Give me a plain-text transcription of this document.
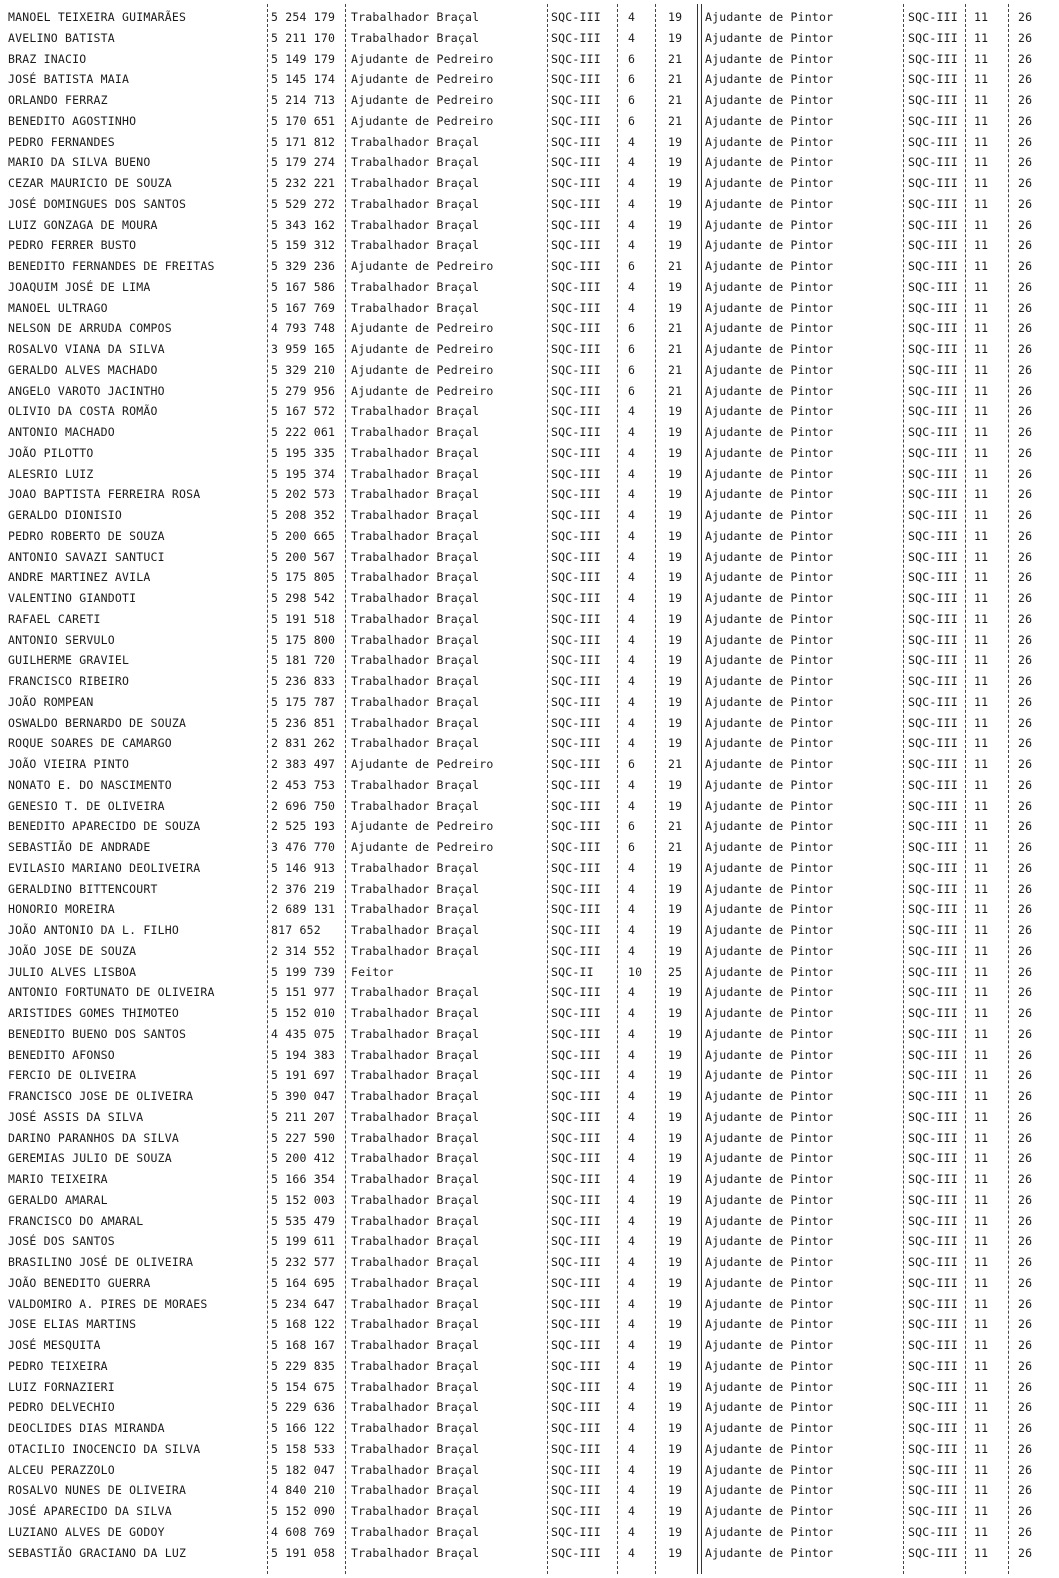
MANOEL TEIXEIRA GUIMARÃES	5 254 179 Trabalhador Braçal	SQC-III 4	19 Ajudante de Pintor	SQC-III 11	26
AVELINO BATISTA	5 211 170 Trabalhador Braçal	SQC-III 4	19 Ajudante de Pintor	SQC-III 11	26
BRAZ INACIO	5 149 179 Ajudante de Pedreiro	SQC-III 6	21 Ajudante de Pintor	SQC-III 11	26
JOSÉ BATISTA MAIA	5 145 174 Ajudante de Pedreiro	SQC-III 6	21 Ajudante de Pintor	SQC-III 11	26
ORLANDO FERRAZ	5 214 713 Ajudante de Pedreiro	SQC-III 6	21 Ajudante de Pintor	SQC-III 11	26
BENEDITO AGOSTINHO	5 170 651 Ajudante de Pedreiro	SQC-III 6	21 Ajudante de Pintor	SQC-III 11	26
PEDRO FERNANDES	5 171 812 Trabalhador Braçal	SQC-III 4	19 Ajudante de Pintor	SQC-III 11	26
MARIO DA SILVA BUENO	5 179 274 Trabalhador Braçal	SQC-III 4	19 Ajudante de Pintor	SQC-III 11	26
CEZAR MAURICIO DE SOUZA	5 232 221 Trabalhador Braçal	SQC-III 4	19 Ajudante de Pintor	SQC-III 11	26
JOSÉ DOMINGUES DOS SANTOS	5 529 272 Trabalhador Braçal	SQC-III 4	19 Ajudante de Pintor	SQC-III 11	26
LUIZ GONZAGA DE MOURA	5 343 162 Trabalhador Braçal	SQC-III 4	19 Ajudante de Pintor	SQC-III 11	26
PEDRO FERRER BUSTO	5 159 312 Trabalhador Braçal	SQC-III 4	19 Ajudante de Pintor	SQC-III 11	26
BENEDITO FERNANDES DE FREITAS	5 329 236 Ajudante de Pedreiro	SQC-III 6	21 Ajudante de Pintor	SQC-III 11	26
JOAQUIM JOSÉ DE LIMA	5 167 586 Trabalhador Braçal	SQC-III 4	19 Ajudante de Pintor	SQC-III 11	26
MANOEL ULTRAGO	5 167 769 Trabalhador Braçal	SQC-III 4	19 Ajudante de Pintor	SQC-III 11	26
NELSON DE ARRUDA COMPOS	4 793 748 Ajudante de Pedreiro	SQC-III 6	21 Ajudante de Pintor	SQC-III 11	26
ROSALVO VIANA DA SILVA	3 959 165 Ajudante de Pedreiro	SQC-III 6	21 Ajudante de Pintor	SQC-III 11	26
GERALDO ALVES MACHADO	5 329 210 Ajudante de Pedreiro	SQC-III 6	21 Ajudante de Pintor	SQC-III 11	26
ANGELO VAROTO JACINTHO	5 279 956 Ajudante de Pedreiro	SQC-III 6	21 Ajudante de Pintor	SQC-III 11	26
OLIVIO DA COSTA ROMÃO	5 167 572 Trabalhador Braçal	SQC-III 4	19 Ajudante de Pintor	SQC-III 11	26
ANTONIO MACHADO	5 222 061 Trabalhador Braçal	SQC-III 4	19 Ajudante de Pintor	SQC-III 11	26
JOÃO PILOTTO	5 195 335 Trabalhador Braçal	SQC-III 4	19 Ajudante de Pintor	SQC-III 11	26
ALESRIO LUIZ	5 195 374 Trabalhador Braçal	SQC-III 4	19 Ajudante de Pintor	SQC-III 11	26
JOAO BAPTISTA FERREIRA ROSA	5 202 573 Trabalhador Braçal	SQC-III 4	19 Ajudante de Pintor	SQC-III 11	26
GERALDO DIONISIO	5 208 352 Trabalhador Braçal	SQC-III 4	19 Ajudante de Pintor	SQC-III 11	26
PEDRO ROBERTO DE SOUZA	5 200 665 Trabalhador Braçal	SQC-III 4	19 Ajudante de Pintor	SQC-III 11	26
ANTONIO SAVAZI SANTUCI	5 200 567 Trabalhador Braçal	SQC-III 4	19 Ajudante de Pintor	SQC-III 11	26
ANDRE MARTINEZ AVILA	5 175 805 Trabalhador Braçal	SQC-III 4	19 Ajudante de Pintor	SQC-III 11	26
VALENTINO GIANDOTI	5 298 542 Trabalhador Braçal	SQC-III 4	19 Ajudante de Pintor	SQC-III 11	26
RAFAEL CARETI	5 191 518 Trabalhador Braçal	SQC-III 4	19 Ajudante de Pintor	SQC-III 11	26
ANTONIO SERVULO	5 175 800 Trabalhador Braçal	SQC-III 4	19 Ajudante de Pintor	SQC-III 11	26
GUILHERME GRAVIEL	5 181 720 Trabalhador Braçal	SQC-III 4	19 Ajudante de Pintor	SQC-III 11	26
FRANCISCO RIBEIRO	5 236 833 Trabalhador Braçal	SQC-III 4	19 Ajudante de Pintor	SQC-III 11	26
JOÃO ROMPEAN	5 175 787 Trabalhador Braçal	SQC-III 4	19 Ajudante de Pintor	SQC-III 11	26
OSWALDO BERNARDO DE SOUZA	5 236 851 Trabalhador Braçal	SQC-III 4	19 Ajudante de Pintor	SQC-III 11	26
ROQUE SOARES DE CAMARGO	2 831 262 Trabalhador Braçal	SQC-III 4	19 Ajudante de Pintor	SQC-III 11	26
JOÃO VIEIRA PINTO	2 383 497 Ajudante de Pedreiro	SQC-III 6	21 Ajudante de Pintor	SQC-III 11	26
NONATO E. DO NASCIMENTO	2 453 753 Trabalhador Braçal	SQC-III 4	19 Ajudante de Pintor	SQC-III 11	26
GENESIO T. DE OLIVEIRA	2 696 750 Trabalhador Braçal	SQC-III 4	19 Ajudante de Pintor	SQC-III 11	26
BENEDITO APARECIDO DE SOUZA	2 525 193 Ajudante de Pedreiro	SQC-III 6	21 Ajudante de Pintor	SQC-III 11	26
SEBASTIÃO DE ANDRADE	3 476 770 Ajudante de Pedreiro	SQC-III 6	21 Ajudante de Pintor	SQC-III 11	26
EVILASIO MARIANO DEOLIVEIRA	5 146 913 Trabalhador Braçal	SQC-III 4	19 Ajudante de Pintor	SQC-III 11	26
GERALDINO BITTENCOURT	2 376 219 Trabalhador Braçal	SQC-III 4	19 Ajudante de Pintor	SQC-III 11	26
HONORIO MOREIRA	2 689 131 Trabalhador Braçal	SQC-III 4	19 Ajudante de Pintor	SQC-III 11	26
JOÃO ANTONIO DA L. FILHO	817 652	Trabalhador Braçal	SQC-III 4	19 Ajudante de Pintor	SQC-III 11	26
JOÃO JOSE DE SOUZA	2 314 552 Trabalhador Braçal	SQC-III 4	19 Ajudante de Pintor	SQC-III 11	26
JULIO ALVES LISBOA	5 199 739 Feitor	SQC-II	10 25 Ajudante de Pintor	SQC-III 11	26
ANTONIO FORTUNATO DE OLIVEIRA	5 151 977 Trabalhador Braçal	SQC-III 4	19 Ajudante de Pintor	SQC-III 11	26
ARISTIDES GOMES THIMOTEO	5 152 010 Trabalhador Braçal	SQC-III 4	19 Ajudante de Pintor	SQC-III 11	26
BENEDITO BUENO DOS SANTOS	4 435 075 Trabalhador Braçal	SQC-III 4	19 Ajudante de Pintor	SQC-III 11	26
BENEDITO AFONSO	5 194 383 Trabalhador Braçal	SQC-III 4	19 Ajudante de Pintor	SQC-III 11	26
FERCIO DE OLIVEIRA	5 191 697 Trabalhador Braçal	SQC-III 4	19 Ajudante de Pintor	SQC-III 11	26
FRANCISCO JOSE DE OLIVEIRA	5 390 047 Trabalhador Braçal	SQC-III 4	19 Ajudante de Pintor	SQC-III 11	26
JOSÉ ASSIS DA SILVA	5 211 207 Trabalhador Braçal	SQC-III 4	19 Ajudante de Pintor	SQC-III 11	26
DARINO PARANHOS DA SILVA	5 227 590 Trabalhador Braçal	SQC-III 4	19 Ajudante de Pintor	SQC-III 11	26
GEREMIAS JULIO DE SOUZA	5 200 412 Trabalhador Braçal	SQC-III 4	19 Ajudante de Pintor	SQC-III 11	26
MARIO TEIXEIRA	5 166 354 Trabalhador Braçal	SQC-III 4	19 Ajudante de Pintor	SQC-III 11	26
GERALDO AMARAL	5 152 003 Trabalhador Braçal	SQC-III 4	19 Ajudante de Pintor	SQC-III 11	26
FRANCISCO DO AMARAL	5 535 479 Trabalhador Braçal	SQC-III 4	19 Ajudante de Pintor	SQC-III 11	26
JOSÉ DOS SANTOS	5 199 611 Trabalhador Braçal	SQC-III 4	19 Ajudante de Pintor	SQC-III 11	26
BRASILINO JOSÉ DE OLIVEIRA	5 232 577 Trabalhador Braçal	SQC-III 4	19 Ajudante de Pintor	SQC-III 11	26
JOÃO BENEDITO GUERRA	5 164 695 Trabalhador Braçal	SQC-III 4	19 Ajudante de Pintor	SQC-III 11	26
VALDOMIRO A. PIRES DE MORAES	5 234 647 Trabalhador Braçal	SQC-III 4	19 Ajudante de Pintor	SQC-III 11	26
JOSE ELIAS MARTINS	5 168 122 Trabalhador Braçal	SQC-III 4	19 Ajudante de Pintor	SQC-III 11	26
JOSÉ MESQUITA	5 168 167 Trabalhador Braçal	SQC-III 4	19 Ajudante de Pintor	SQC-III 11	26
PEDRO TEIXEIRA	5 229 835 Trabalhador Braçal	SQC-III 4	19 Ajudante de Pintor	SQC-III 11	26
LUIZ FORNAZIERI	5 154 675 Trabalhador Braçal	SQC-III 4	19 Ajudante de Pintor	SQC-III 11	26
PEDRO DELVECHIO	5 229 636 Trabalhador Braçal	SQC-III 4	19 Ajudante de Pintor	SQC-III 11	26
DEOCLIDES DIAS MIRANDA	5 166 122 Trabalhador Braçal	SQC-III 4	19 Ajudante de Pintor	SQC-III 11	26
OTACILIO INOCENCIO DA SILVA	5 158 533 Trabalhador Braçal	SQC-III 4	19 Ajudante de Pintor	SQC-III 11	26
ALCEU PERAZZOLO	5 182 047 Trabalhador Braçal	SQC-III 4	19 Ajudante de Pintor	SQC-III 11	26
ROSALVO NUNES DE OLIVEIRA	4 840 210 Trabalhador Braçal	SQC-III 4	19 Ajudante de Pintor	SQC-III 11	26
JOSÉ APARECIDO DA SILVA	5 152 090 Trabalhador Braçal	SQC-III 4	19 Ajudante de Pintor	SQC-III 11	26
LUZIANO ALVES DE GODOY	4 608 769 Trabalhador Braçal	SQC-III 4	19 Ajudante de Pintor	SQC-III 11	26
SEBASTIÃO GRACIANO DA LUZ	5 191 058 Trabalhador Braçal	SQC-III 4	19 Ajudante de Pintor	SQC-III 11	26
